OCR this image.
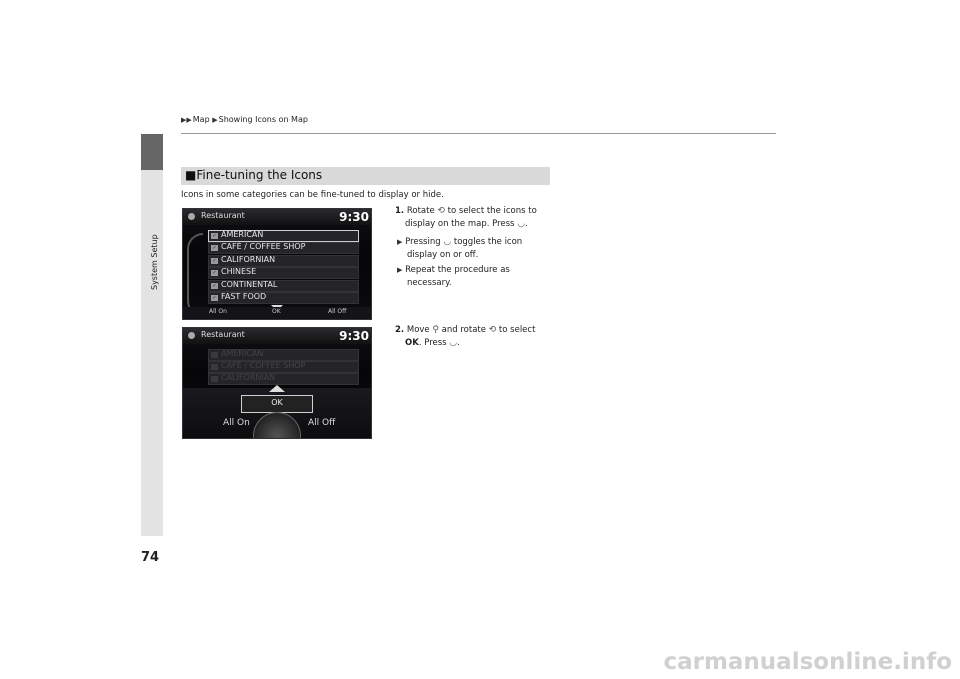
▶▶Map ▶Showing Icons on Map
System Setup
74
■Fine-tuning the Icons
Icons in some categories can be fine-tuned to display or hide.
Restaurant	9:30
✓ AMERICAN
✓ CAFÉ / COFFEE SHOP
✓ CALIFORNIAN
✓ CHINESE
✓ CONTINENTAL
✓ FAST FOOD
All On	OK	All Off
Restaurant	9:30
AMERICAN
CAFÉ / COFFEE SHOP
CALIFORNIAN
OK
All On	All Off
1. Rotate ⟲ to select the icons to
display on the map. Press ◡.
▶ Pressing ◡ toggles the icon
display on or off.
▶ Repeat the procedure as
necessary.
2. Move ⚲ and rotate ⟲ to select
OK. Press ◡.
carmanualsonline.info
